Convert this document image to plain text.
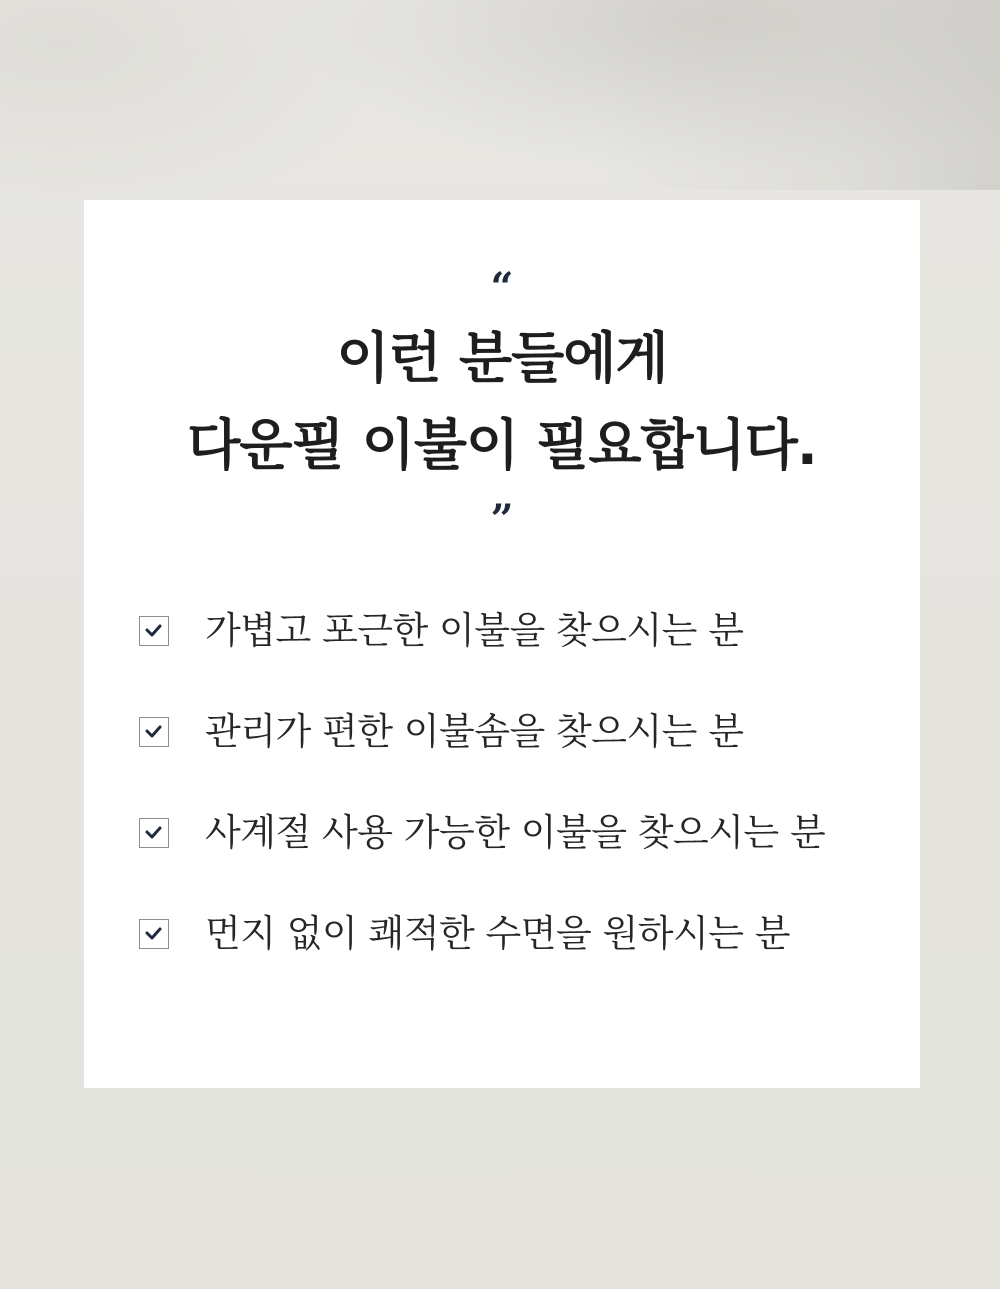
“
이런 분들에게
다운필 이불이 필요합니다.
”
가볍고 포근한 이불을 찾으시는 분
관리가 편한 이불솜을 찾으시는 분
사계절 사용 가능한 이불을 찾으시는 분
먼지 없이 쾌적한 수면을 원하시는 분
